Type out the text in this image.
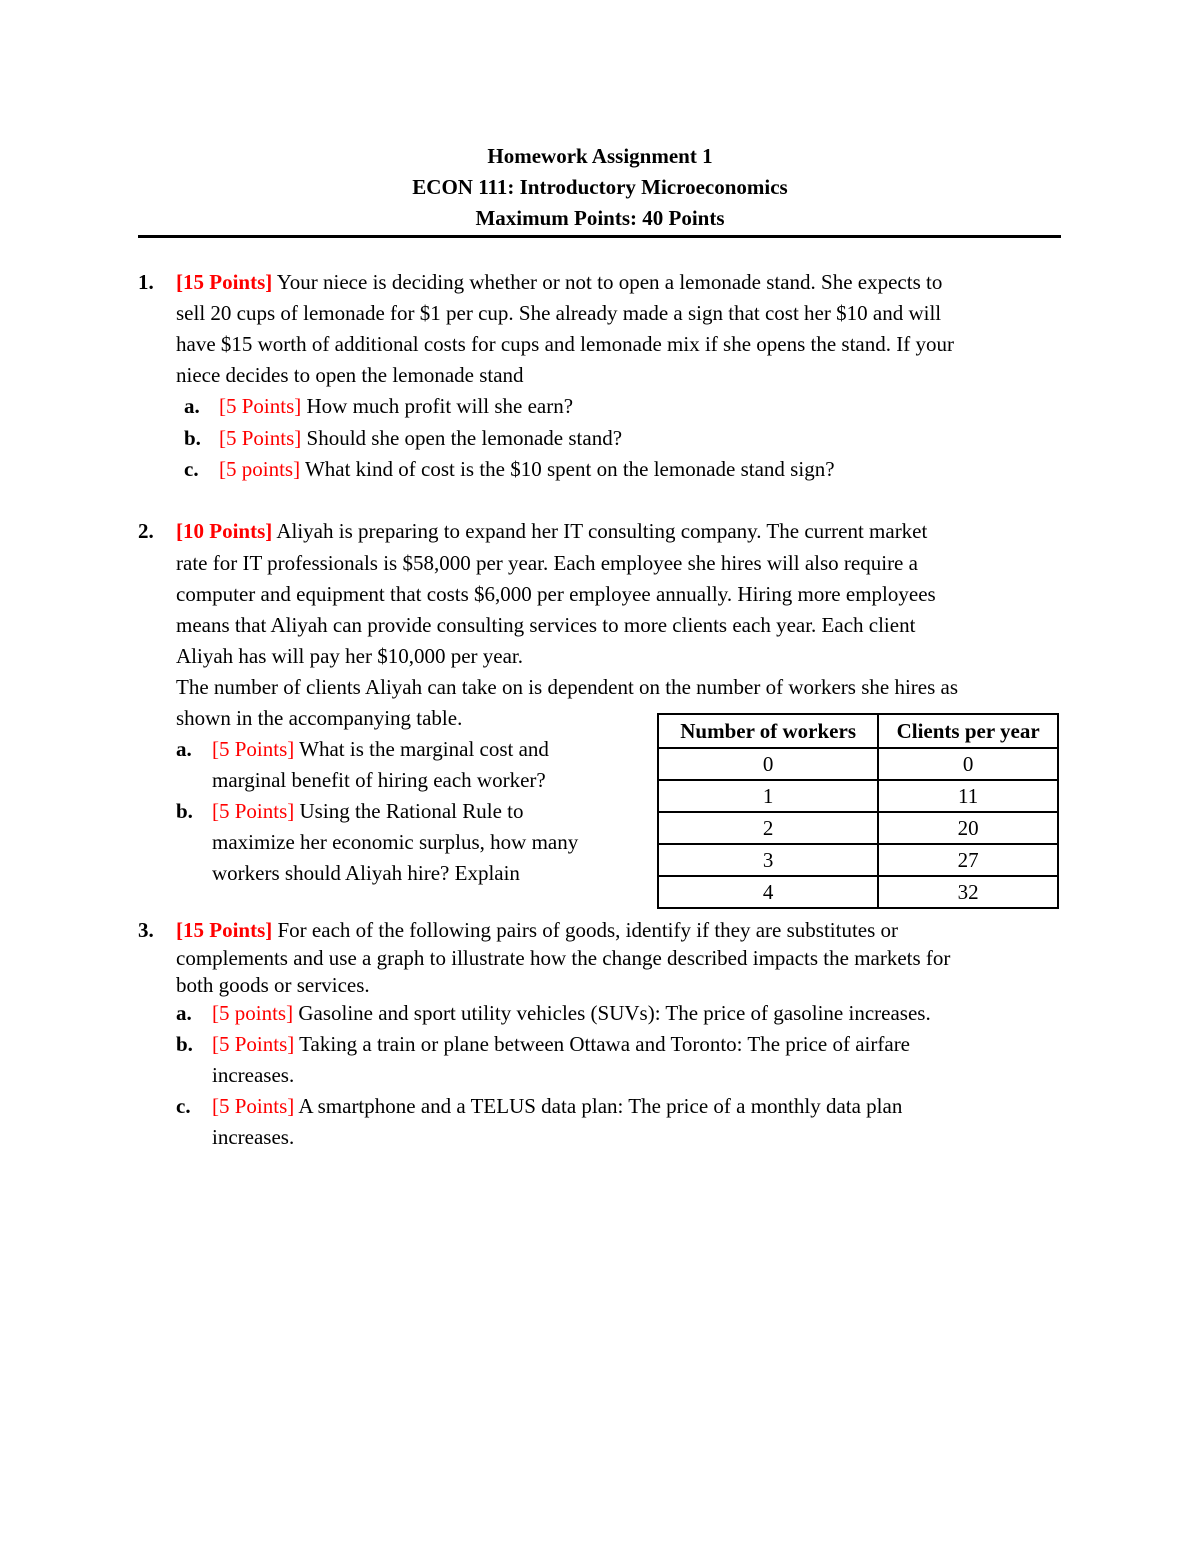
Homework Assignment 1
ECON 111: Introductory Microeconomics
Maximum Points: 40 Points
1. [15 Points] Your niece is deciding whether or not to open a lemonade stand. She expects to
sell 20 cups of lemonade for $1 per cup. She already made a sign that cost her $10 and will
have $15 worth of additional costs for cups and lemonade mix if she opens the stand. If your
niece decides to open the lemonade stand
a. [5 Points] How much profit will she earn?
b. [5 Points] Should she open the lemonade stand?
c. [5 points] What kind of cost is the $10 spent on the lemonade stand sign?
2. [10 Points] Aliyah is preparing to expand her IT consulting company. The current market
rate for IT professionals is $58,000 per year. Each employee she hires will also require a
computer and equipment that costs $6,000 per employee annually. Hiring more employees
means that Aliyah can provide consulting services to more clients each year. Each client
Aliyah has will pay her $10,000 per year.
The number of clients Aliyah can take on is dependent on the number of workers she hires as
shown in the accompanying table.
a. [5 Points] What is the marginal cost and
marginal benefit of hiring each worker?
b. [5 Points] Using the Rational Rule to
maximize her economic surplus, how many
workers should Aliyah hire? Explain
Number of workers	Clients per year
0	0
1	11
2	20
3	27
4	32
3. [15 Points] For each of the following pairs of goods, identify if they are substitutes or
complements and use a graph to illustrate how the change described impacts the markets for
both goods or services.
a. [5 points] Gasoline and sport utility vehicles (SUVs): The price of gasoline increases.
b. [5 Points] Taking a train or plane between Ottawa and Toronto: The price of airfare
increases.
c. [5 Points] A smartphone and a TELUS data plan: The price of a monthly data plan
increases.
